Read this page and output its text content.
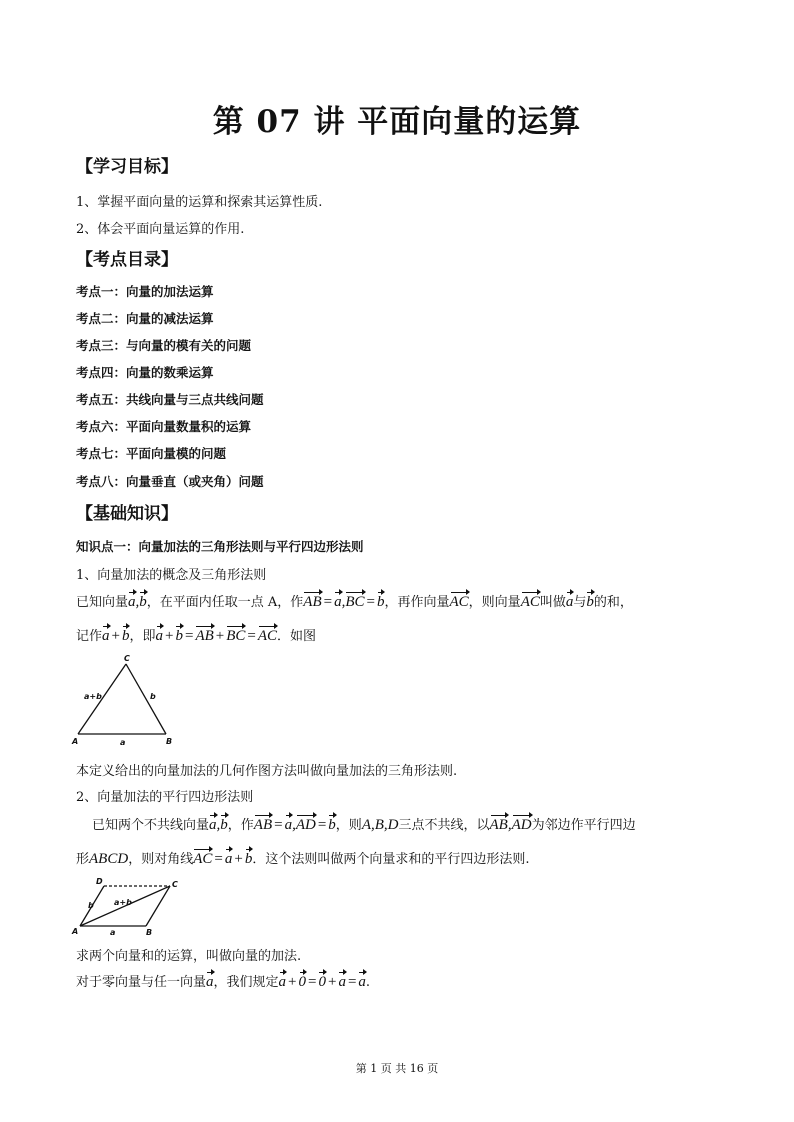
第 07 讲 平面向量的运算
【学习目标】
1、掌握平面向量的运算和探索其运算性质.
2、体会平面向量运算的作用.
【考点目录】
考点一：向量的加法运算
考点二：向量的减法运算
考点三：与向量的模有关的问题
考点四：向量的数乘运算
考点五：共线向量与三点共线问题
考点六：平面向量数量积的运算
考点七：平面向量模的问题
考点八：向量垂直（或夹角）问题
【基础知识】
知识点一：向量加法的三角形法则与平行四边形法则
1、向量加法的概念及三角形法则
已知向量a,b，在平面内任取一点 A，作AB = a,BC = b，再作向量AC，则向量AC叫做a与b的和，
记作a + b，即a + b = AB + BC = AC．如图
C
A	B
a
b
a+b
本定义给出的向量加法的几何作图方法叫做向量加法的三角形法则.
2、向量加法的平行四边形法则
已知两个不共线向量a,b，作AB = a,AD = b，则A,B,D三点不共线，以AB,AD为邻边作平行四边
形ABCD，则对角线AC = a + b．这个法则叫做两个向量求和的平行四边形法则.
D	C
A	B
a
b	a+b
求两个向量和的运算，叫做向量的加法.
对于零向量与任一向量a，我们规定a + 0 = 0 + a = a.
第 1 页 共 16 页
